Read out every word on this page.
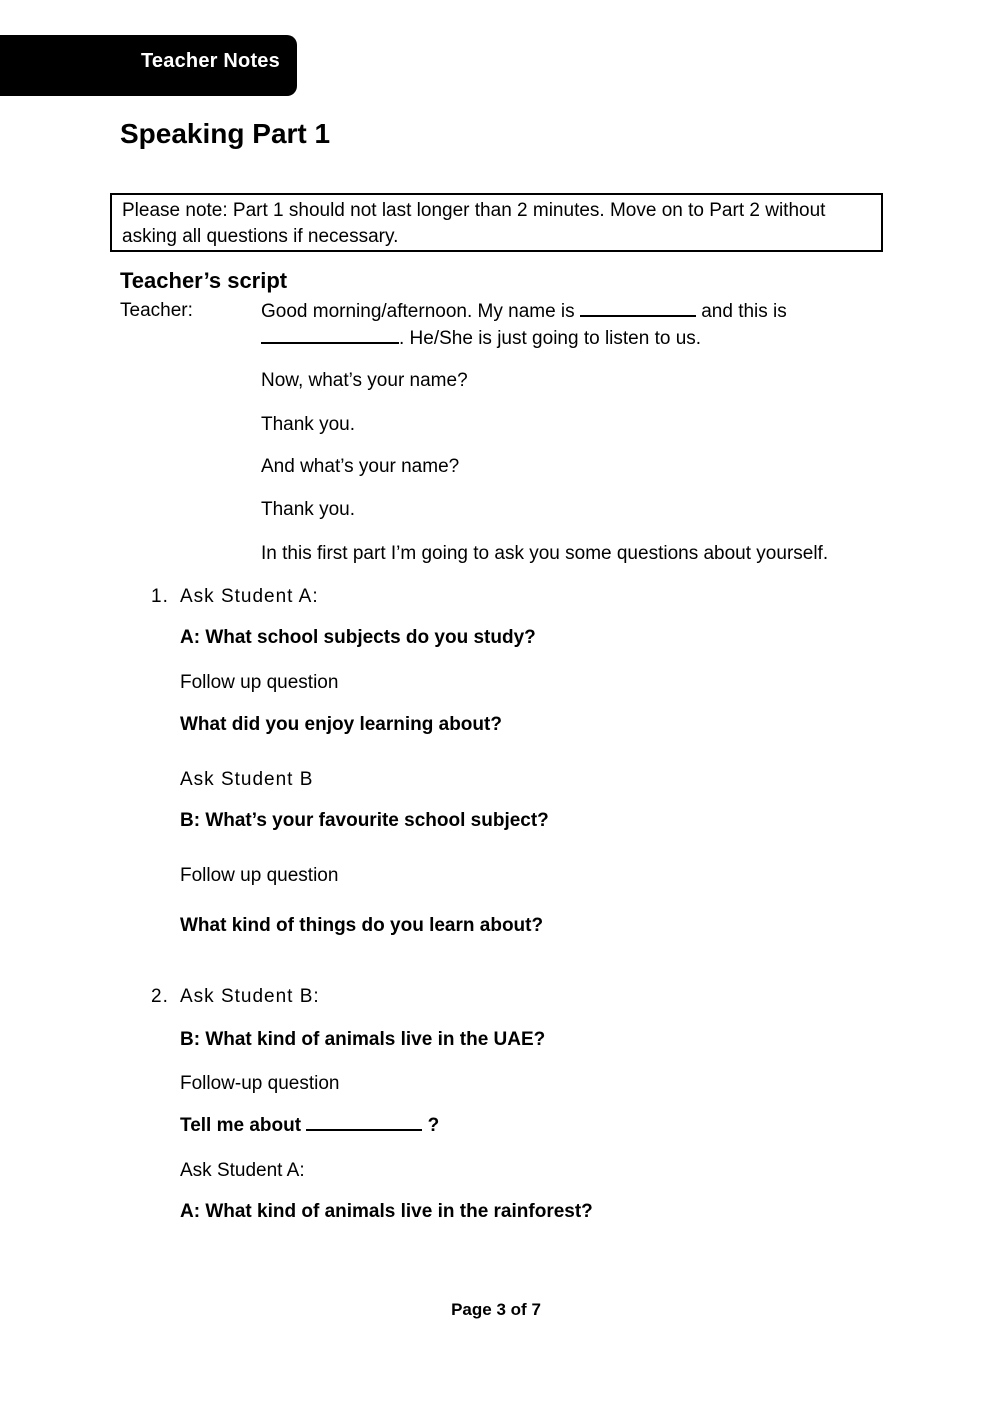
Teacher Notes
Speaking Part 1
Please note: Part 1 should not last longer than 2 minutes. Move on to Part 2 without asking all questions if necessary.
Teacher’s script
Teacher:	Good morning/afternoon. My name is	and this is
. He/She is just going to listen to us.
Now, what’s your name?
Thank you.
And what’s your name?
Thank you.
In this first part I’m going to ask you some questions about yourself.
1. Ask Student A:
A: What school subjects do you study?
Follow up question
What did you enjoy learning about?
Ask Student B
B: What’s your favourite school subject?
Follow up question
What kind of things do you learn about?
2. Ask Student B:
B: What kind of animals live in the UAE?
Follow-up question
Tell me about	?
Ask Student A:
A: What kind of animals live in the rainforest?
Page 3 of 7
